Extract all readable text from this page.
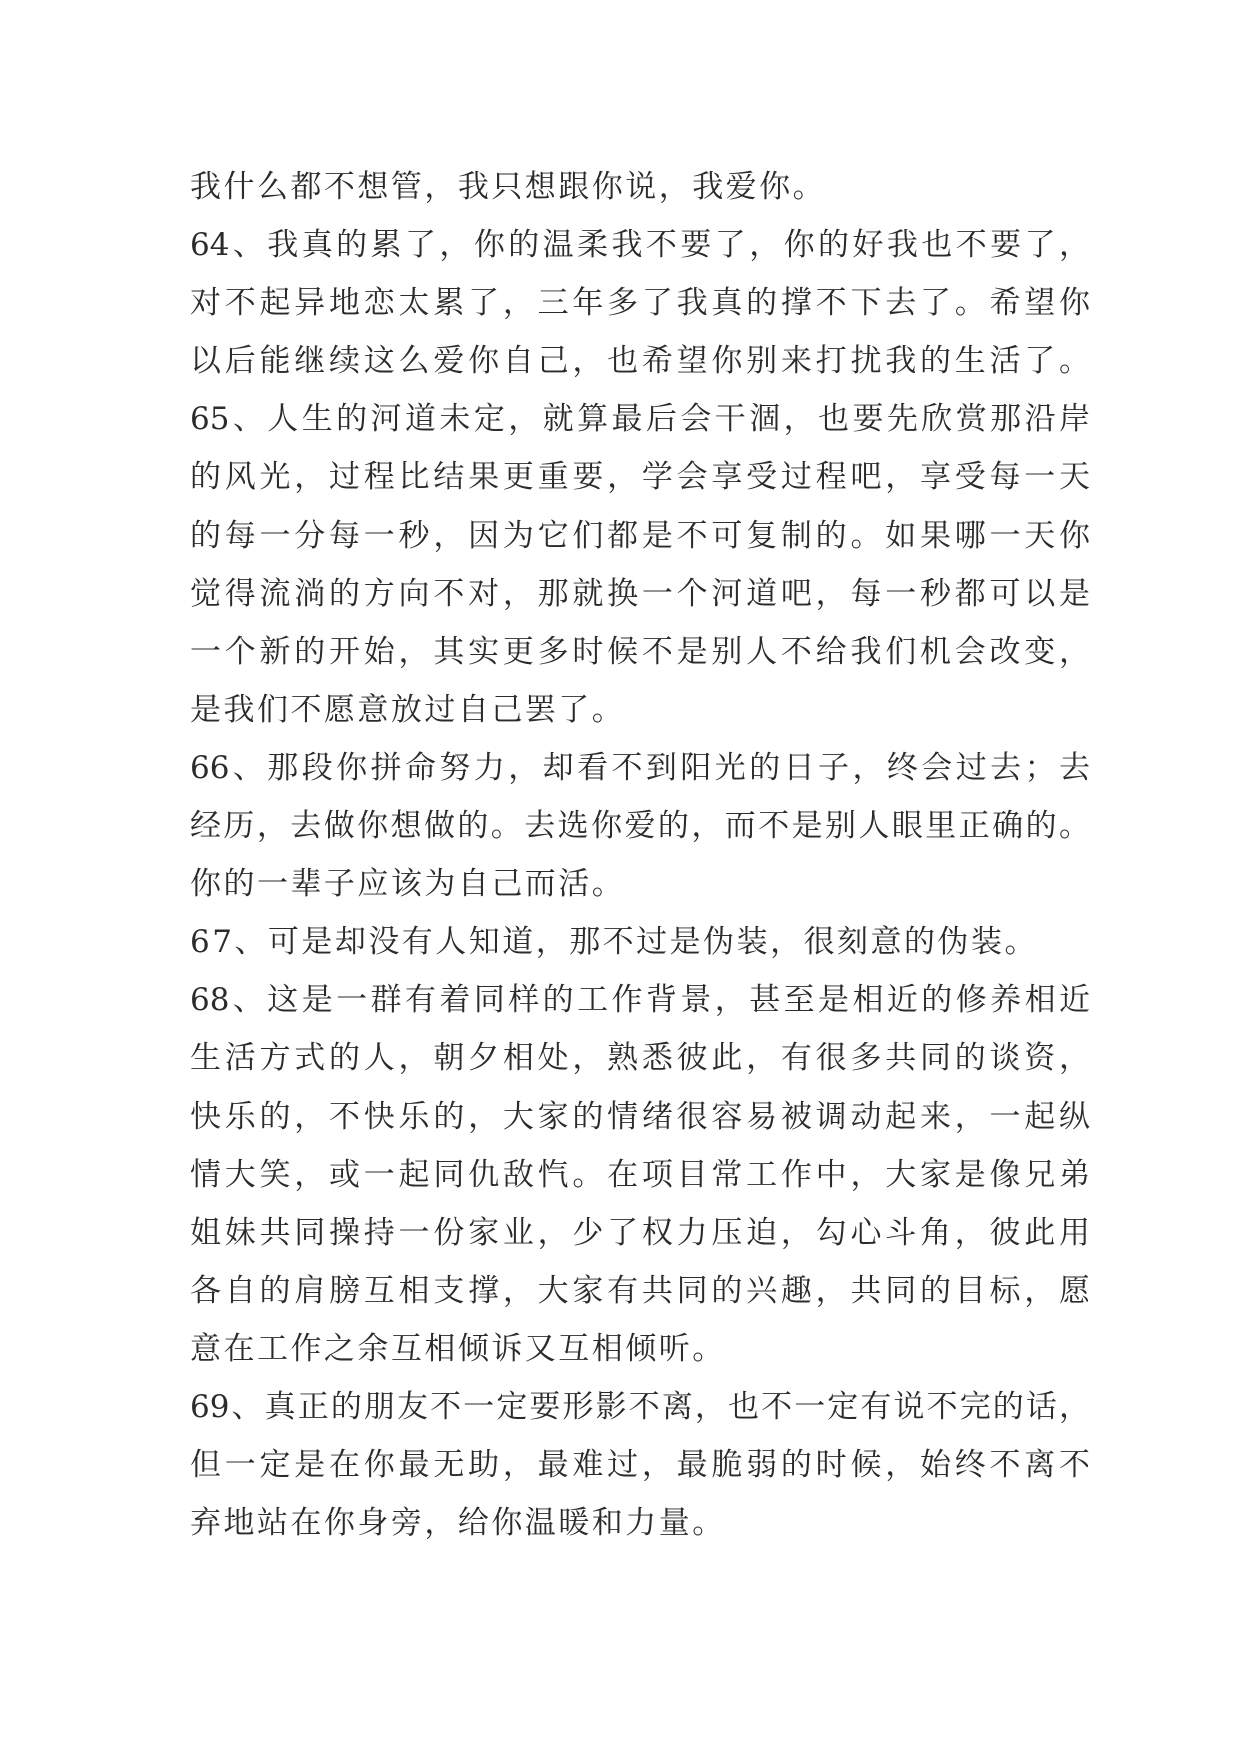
我什么都不想管，我只想跟你说，我爱你。
64、我真的累了，你的温柔我不要了，你的好我也不要了，
对不起异地恋太累了，三年多了我真的撑不下去了。希望你
以后能继续这么爱你自己，也希望你别来打扰我的生活了。
65、人生的河道未定，就算最后会干涸，也要先欣赏那沿岸
的风光，过程比结果更重要，学会享受过程吧，享受每一天
的每一分每一秒，因为它们都是不可复制的。如果哪一天你
觉得流淌的方向不对，那就换一个河道吧，每一秒都可以是
一个新的开始，其实更多时候不是别人不给我们机会改变，
是我们不愿意放过自己罢了。
66、那段你拼命努力，却看不到阳光的日子，终会过去；去
经历，去做你想做的。去选你爱的，而不是别人眼里正确的。
你的一辈子应该为自己而活。
67、可是却没有人知道，那不过是伪装，很刻意的伪装。
68、这是一群有着同样的工作背景，甚至是相近的修养相近
生活方式的人，朝夕相处，熟悉彼此，有很多共同的谈资，
快乐的，不快乐的，大家的情绪很容易被调动起来，一起纵
情大笑，或一起同仇敌忾。在项目常工作中，大家是像兄弟
姐妹共同操持一份家业，少了权力压迫，勾心斗角，彼此用
各自的肩膀互相支撑，大家有共同的兴趣，共同的目标，愿
意在工作之余互相倾诉又互相倾听。
69、真正的朋友不一定要形影不离，也不一定有说不完的话，
但一定是在你最无助，最难过，最脆弱的时候，始终不离不
弃地站在你身旁，给你温暖和力量。
